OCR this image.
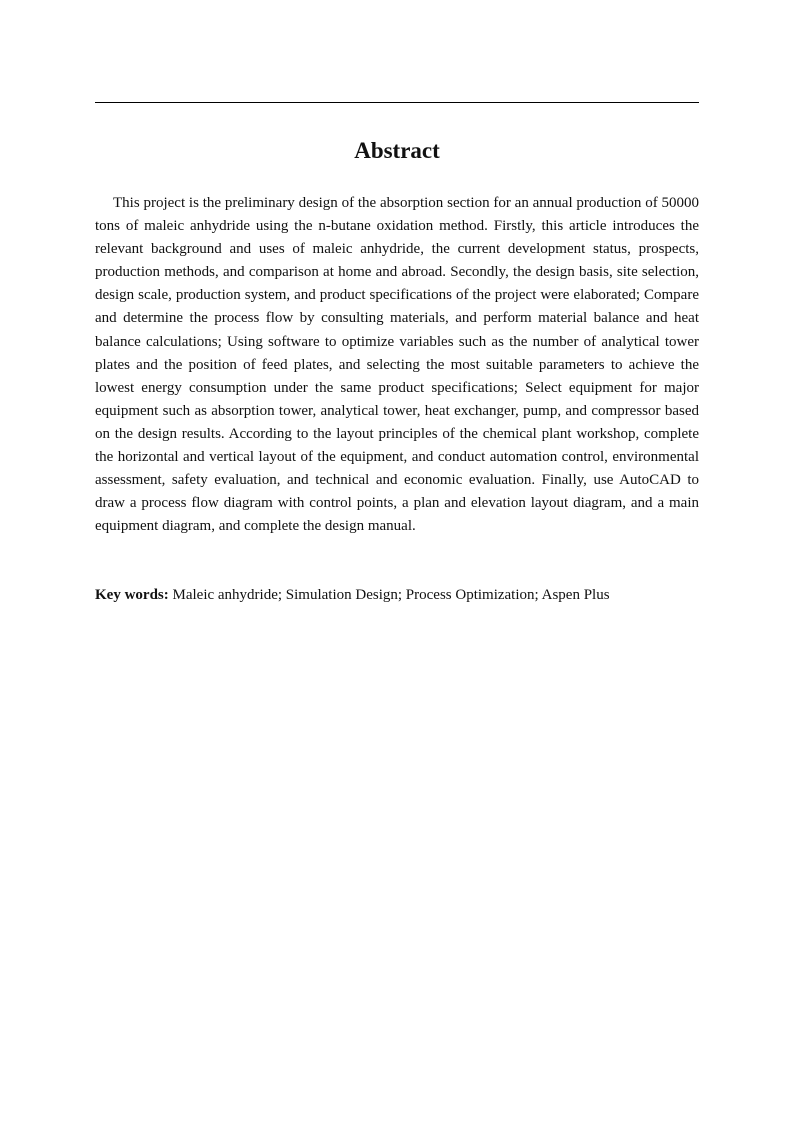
Abstract

This project is the preliminary design of the absorption section for an annual production of 50000 tons of maleic anhydride using the n-butane oxidation method. Firstly, this article introduces the relevant background and uses of maleic anhydride, the current development status, prospects, production methods, and comparison at home and abroad. Secondly, the design basis, site selection, design scale, production system, and product specifications of the project were elaborated; Compare and determine the process flow by consulting materials, and perform material balance and heat balance calculations; Using software to optimize variables such as the number of analytical tower plates and the position of feed plates, and selecting the most suitable parameters to achieve the lowest energy consumption under the same product specifications; Select equipment for major equipment such as absorption tower, analytical tower, heat exchanger, pump, and compressor based on the design results. According to the layout principles of the chemical plant workshop, complete the horizontal and vertical layout of the equipment, and conduct automation control, environmental assessment, safety evaluation, and technical and economic evaluation. Finally, use AutoCAD to draw a process flow diagram with control points, a plan and elevation layout diagram, and a main equipment diagram, and complete the design manual.

Key words: Maleic anhydride; Simulation Design; Process Optimization; Aspen Plus
